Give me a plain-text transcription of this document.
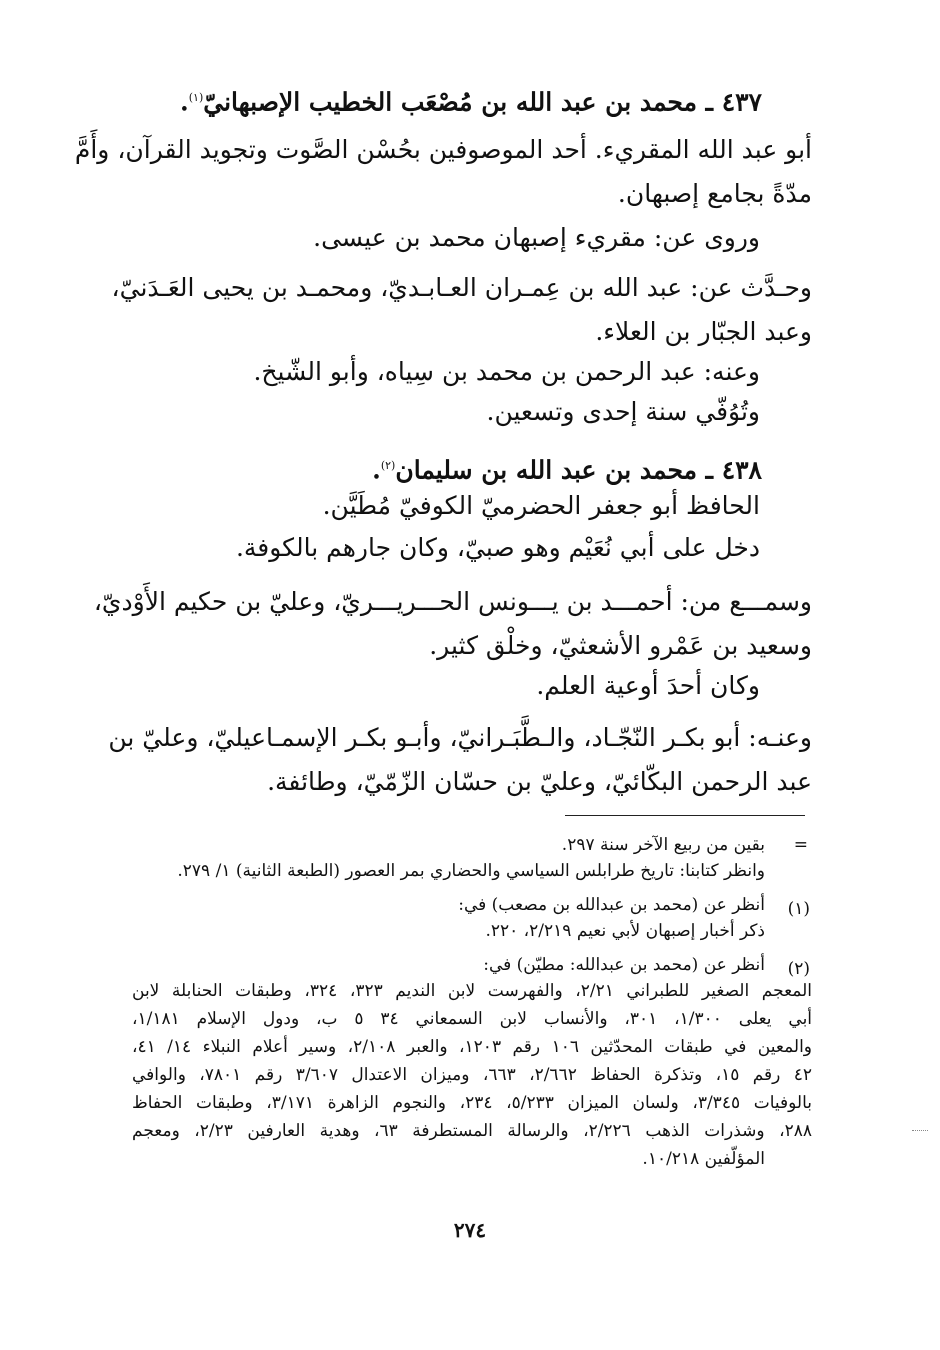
٤٣٧ ـ محمد بن عبد الله بن مُصْعَب الخطيب الإصبهانيّ$^{(١)}$.
أبو عبد الله المقريء. أحد الموصوفين بحُسْن الصَّوت وتجويد القرآن، وأَمَّ
مدّةً بجامع إصبهان.
وروى عن: مقريء إصبهان محمد بن عيسى.
وحـدَّث عن: عبد الله بن عِمـران العـابـديّ، ومحمـد بن يحيى العَـدَنيّ،
وعبد الجبّار بن العلاء.
وعنه: عبد الرحمن بن محمد بن سِياه، وأبو الشّيخ.
وتُوُفّي سنة إحدى وتسعين.
٤٣٨ ـ محمد بن عبد الله بن سليمان$^{(٢)}$.
الحافظ أبو جعفر الحضرميّ الكوفيّ مُطَيَّن.
دخل على أبي نُعَيْم وهو صبيّ، وكان جارهم بالكوفة.
وسمـــع من: أحمـــد بن يـــونس الحـــريـــريّ، وعليّ بن حكيم الأَوْديّ،
وسعيد بن عَمْرو الأشعثيّ، وخلْق كثير.
وكان أحدَ أوعية العلم.
وعنـه: أبو بكـر النّجّـاد، والـطَّبَـرانيّ، وأبـو بكـر الإسمـاعيليّ، وعليّ بن
عبد الرحمن البكّائيّ، وعليّ بن حسّان الزّمّيّ، وطائفة.
=
بقين من ربيع الآخر سنة ٢٩٧.
وانظر كتابنا: تاريخ طرابلس السياسي والحضاري بمر العصور (الطبعة الثانية) ١/ ٢٧٩.
(١)
أنظر عن (محمد بن عبدالله بن مصعب) في:
ذكر أخبار إصبهان لأبي نعيم ٢/٢١٩، ٢٢٠.
(٢)
أنظر عن (محمد بن عبدالله: مطيّن) في:
المعجم الصغير للطبراني ٢/٢١، والفهرست لابن النديم ٣٢٣، ٣٢٤، وطبقات الحنابلة لابن
أبي يعلى ١/٣٠٠، ٣٠١، والأنساب لابن السمعاني ٣٤ ٥ ب، ودول الإسلام ١/١٨١،
والمعين في طبقات المحدّثين ١٠٦ رقم ١٢٠٣، والعبر ٢/١٠٨، وسير أعلام النبلاء ١٤/ ٤١،
٤٢ رقم ١٥، وتذكرة الحفاظ ٢/٦٦٢، ٦٦٣، وميزان الاعتدال ٣/٦٠٧ رقم ٧٨٠١، والوافي
بالوفيات ٣/٣٤٥، ولسان الميزان ٥/٢٣٣، ٢٣٤، والنجوم الزاهرة ٣/١٧١، وطبقات الحفاظ
٢٨٨، وشذرات الذهب ٢/٢٢٦، والرسالة المستطرفة ٦٣، وهدية العارفين ٢/٢٣، ومعجم
المؤلّفين ١٠/٢١٨.
٢٧٤
